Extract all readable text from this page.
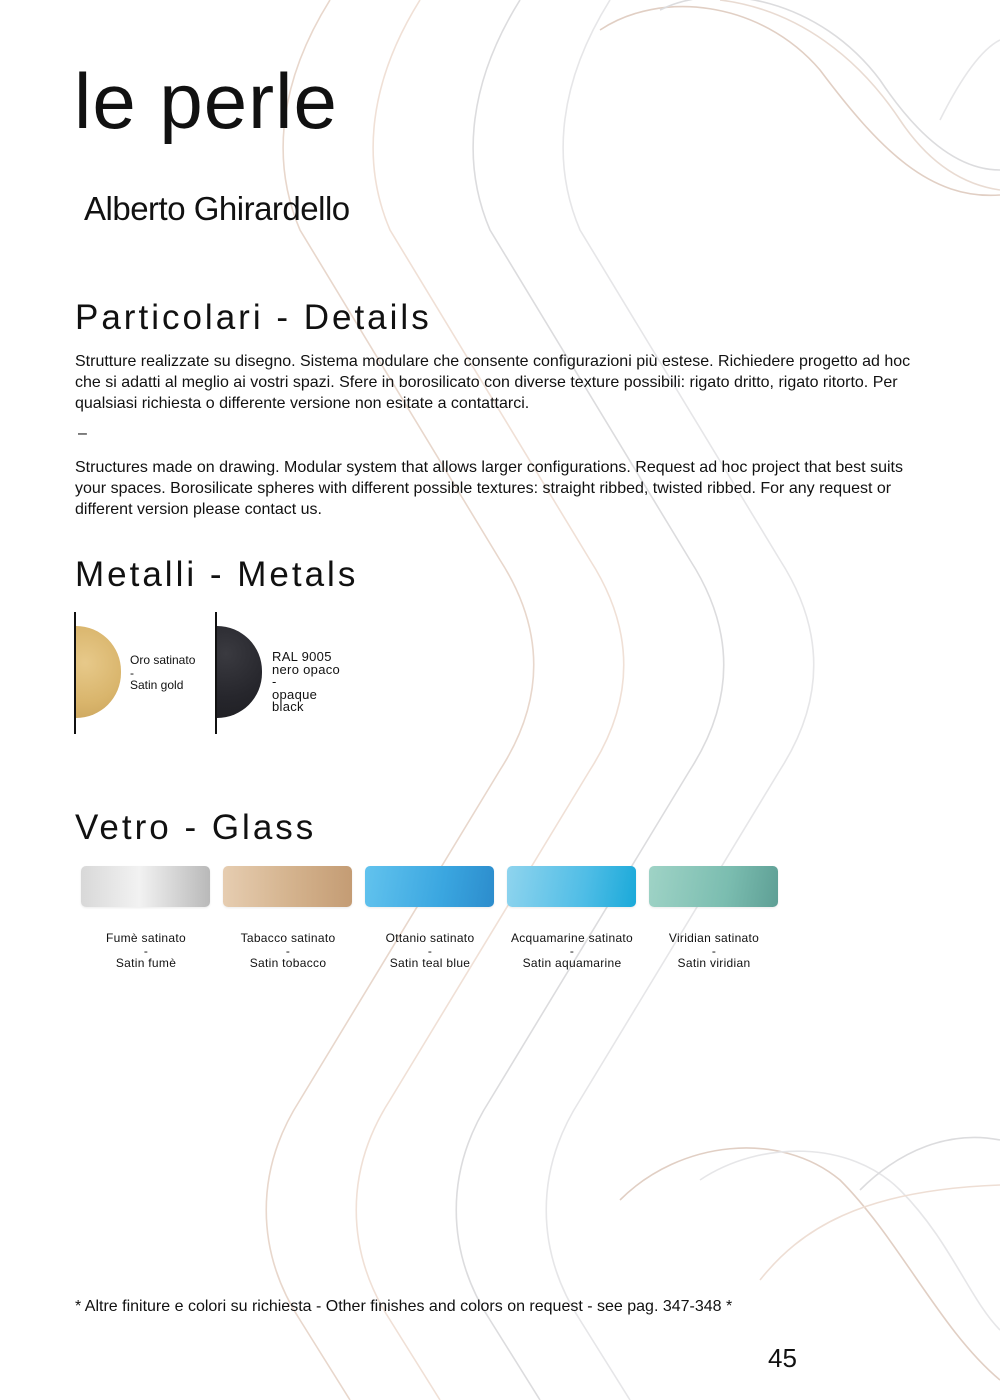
le perle
Alberto Ghirardello
Particolari - Details
Strutture realizzate su disegno. Sistema modulare che consente configurazioni più estese. Richiedere progetto ad hoc che si adatti al meglio ai vostri spazi. Sfere in borosilicato con diverse texture possibili: rigato dritto, rigato ritorto. Per qualsiasi richiesta o differente versione non esitate a contattarci.
–
Structures made on drawing. Modular system that allows larger configurations. Request ad hoc project that best suits your spaces. Borosilicate spheres with different possible textures: straight ribbed, twisted ribbed. For any request or different version please contact us.
Metalli - Metals
Oro satinato
-
Satin gold
RAL 9005
nero opaco
-
opaque
black
Vetro - Glass
Fumè satinato
-
Satin fumè
Tabacco satinato
-
Satin tobacco
Ottanio satinato
-
Satin teal blue
Acquamarine satinato
-
Satin aquamarine
Viridian satinato
-
Satin viridian
* Altre finiture e colori su richiesta - Other finishes and colors on request - see pag. 347-348 *
45
